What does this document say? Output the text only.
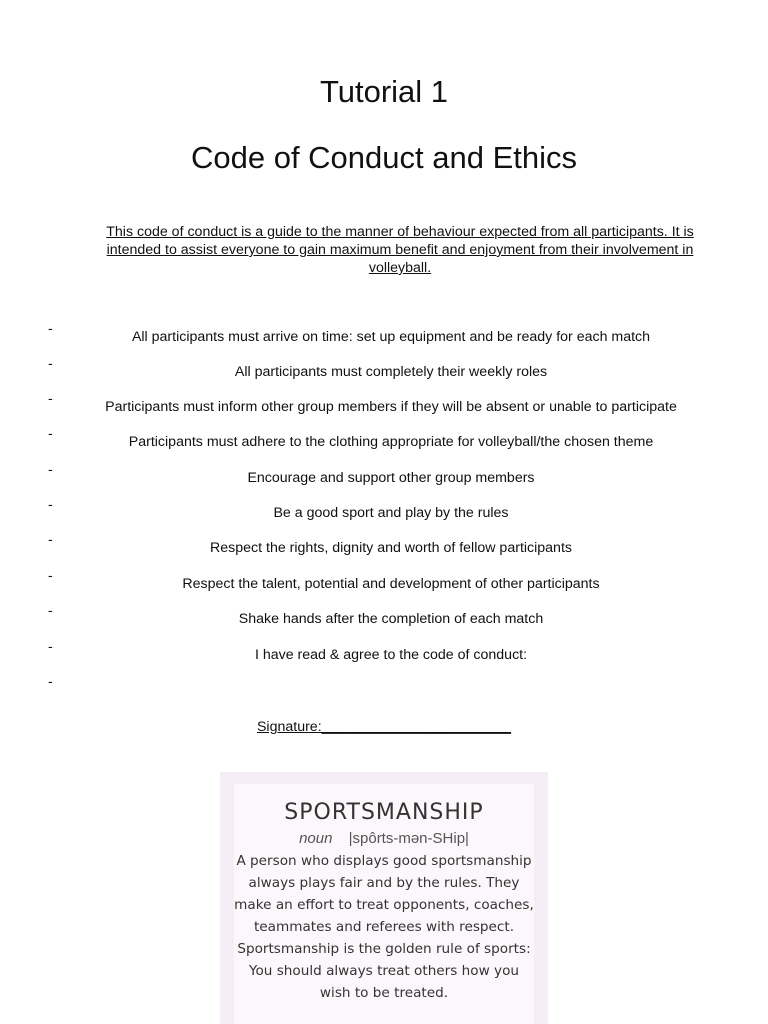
Tutorial 1
Code of Conduct and Ethics

This code of conduct is a guide to the manner of behaviour expected from all participants. It is intended to assist everyone to gain maximum benefit and enjoyment from their involvement in volleyball.

-
All participants must arrive on time: set up equipment and be ready for each match
-
All participants must completely their weekly roles
-
Participants must inform other group members if they will be absent or unable to participate
-
Participants must adhere to the clothing appropriate for volleyball/the chosen theme
-
Encourage and support other group members
-
Be a good sport and play by the rules
-
Respect the rights, dignity and worth of fellow participants
-
Respect the talent, potential and development of other participants
-
Shake hands after the completion of each match
-
I have read & agree to the code of conduct:
-
Signature:________________________
SPORTSMANSHIP
noun |spôrts-mən-SHip|
A person who displays good sportsmanship always plays fair and by the rules. They make an effort to treat opponents, coaches, teammates and referees with respect. Sportsmanship is the golden rule of sports: You should always treat others how you wish to be treated.
